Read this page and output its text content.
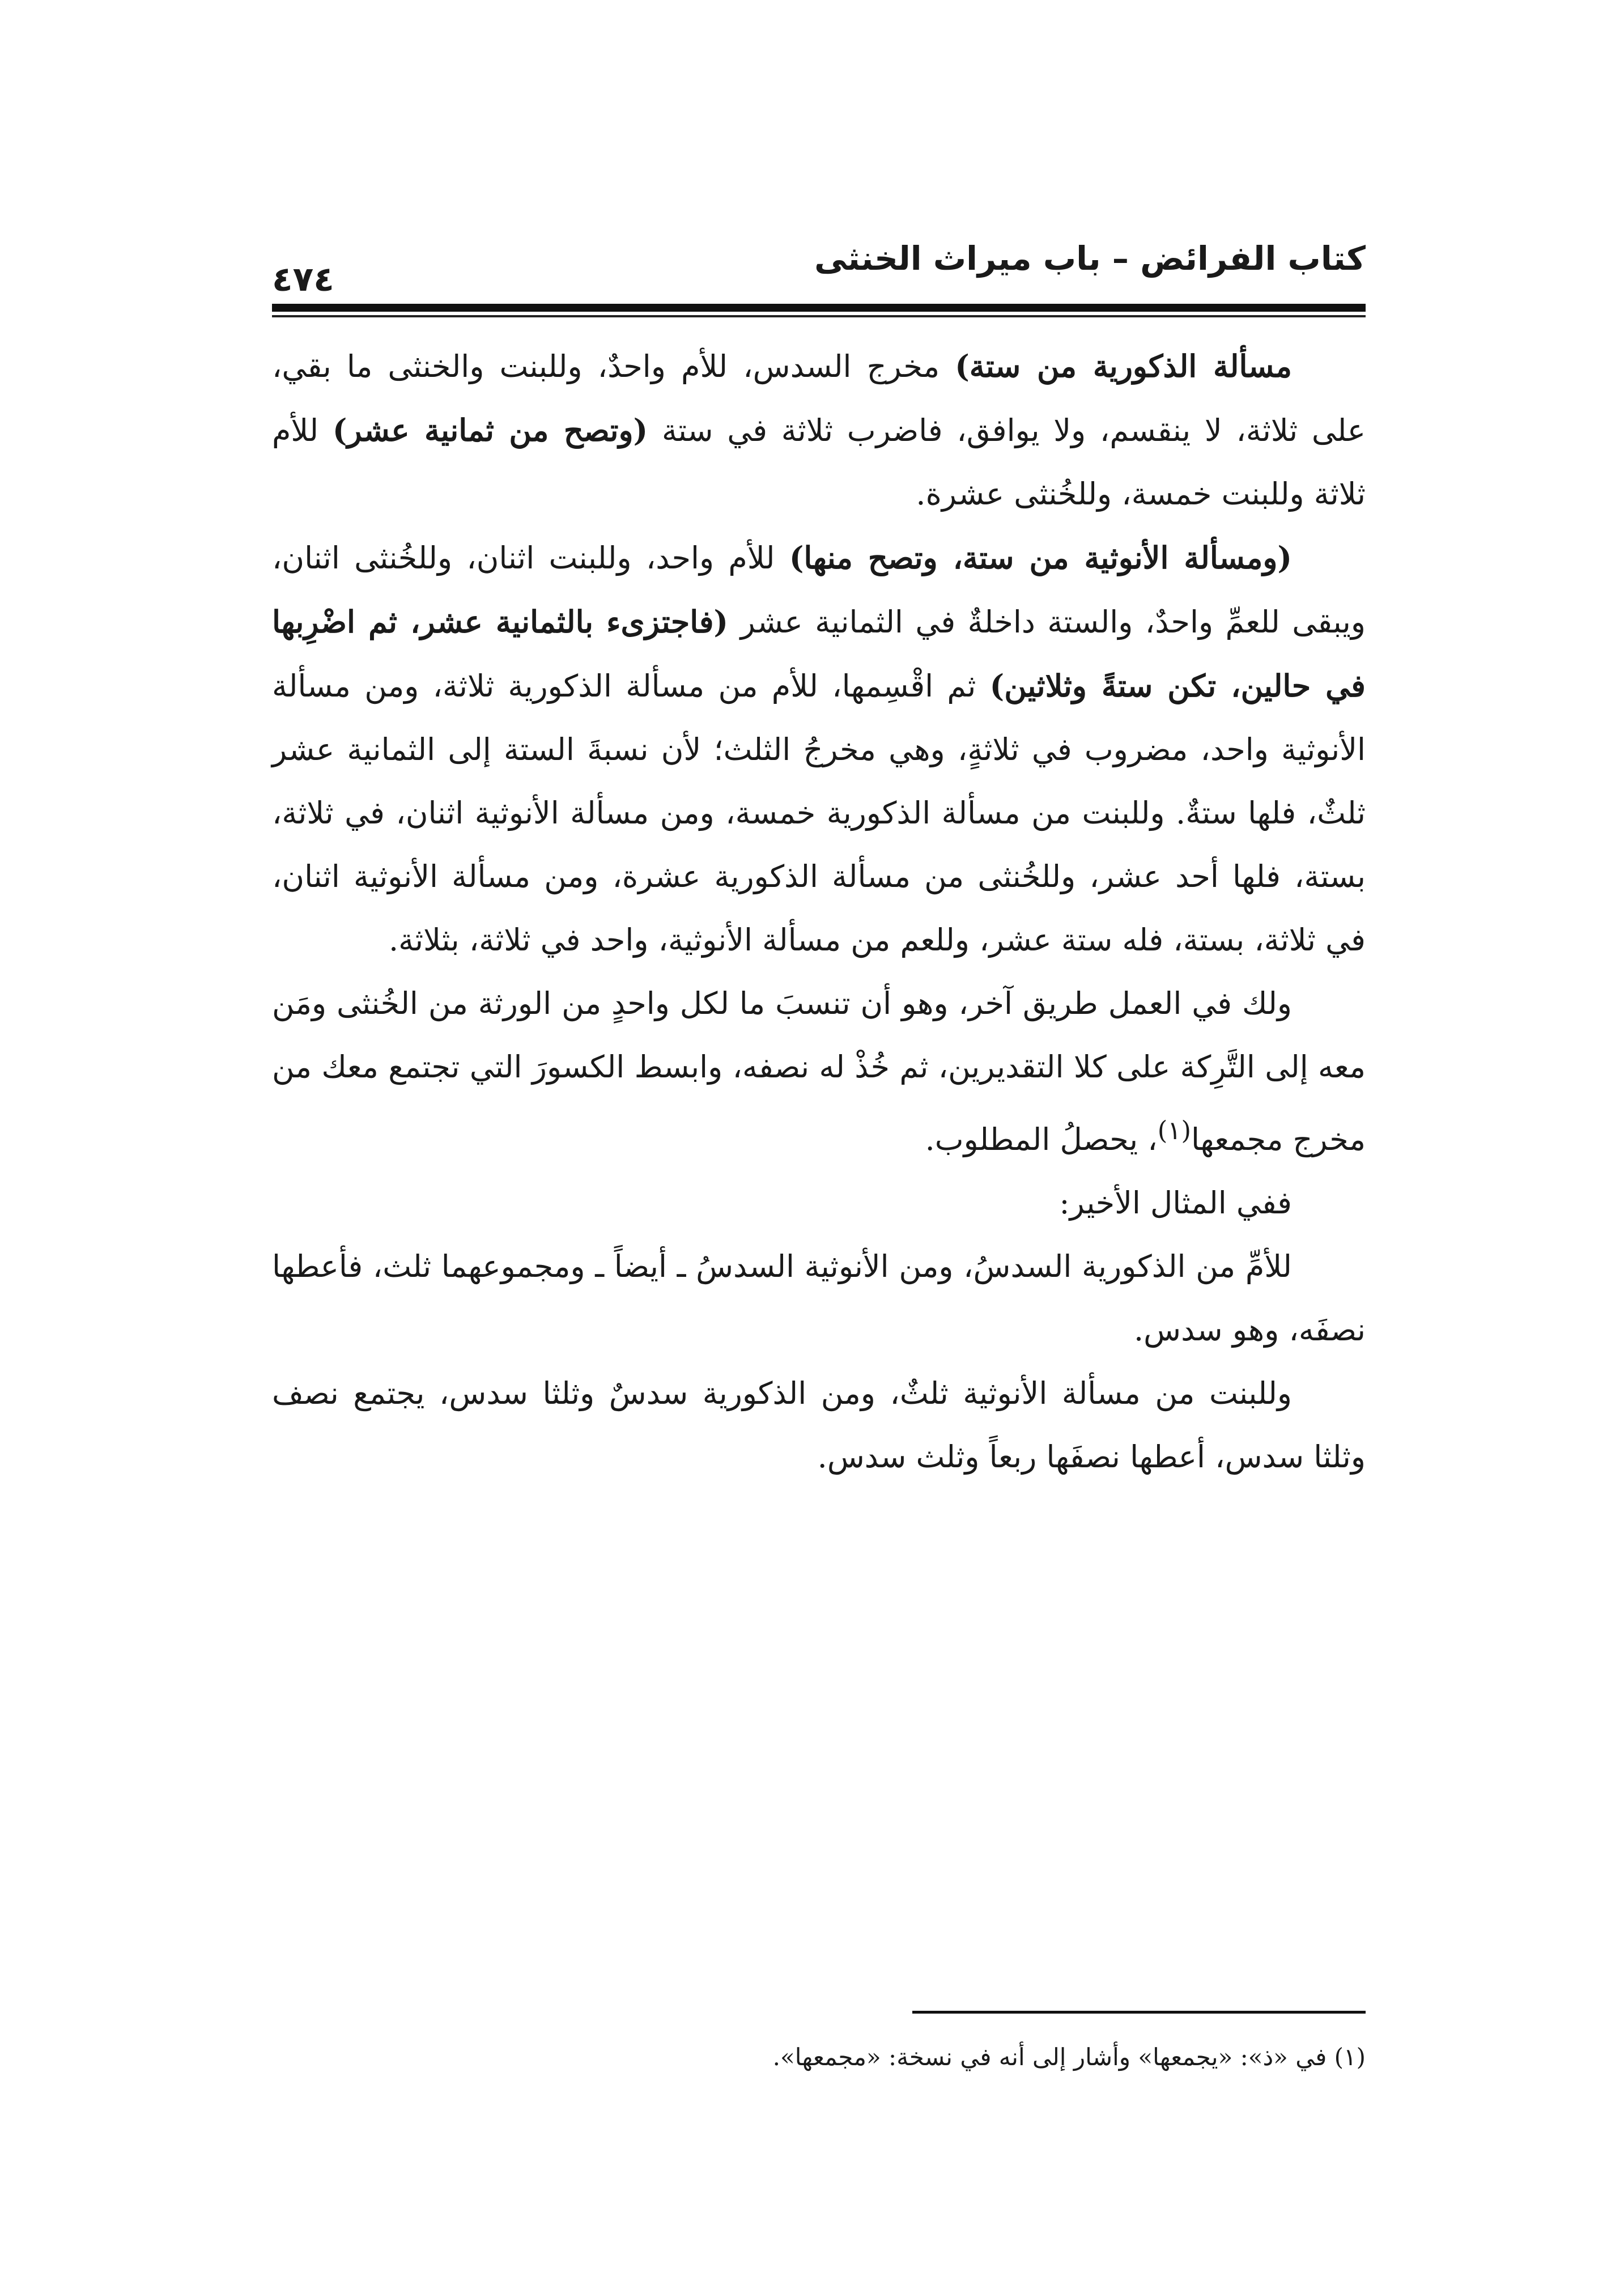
كتاب الفرائض – باب ميراث الخنثى
٤٧٤

مسألة الذكورية من ستة) مخرج السدس، للأم واحدٌ، وللبنت والخنثى ما بقي، على ثلاثة، لا ينقسم، ولا يوافق، فاضرب ثلاثة في ستة (وتصح من ثمانية عشر) للأم ثلاثة وللبنت خمسة، وللخُنثى عشرة.

(ومسألة الأنوثية من ستة، وتصح منها) للأم واحد، وللبنت اثنان، وللخُنثى اثنان، ويبقى للعمِّ واحدٌ، والستة داخلةٌ في الثمانية عشر (فاجتزىء بالثمانية عشر، ثم اضْرِبها في حالين، تكن ستةً وثلاثين) ثم اقْسِمها، للأم من مسألة الذكورية ثلاثة، ومن مسألة الأنوثية واحد، مضروب في ثلاثةٍ، وهي مخرجُ الثلث؛ لأن نسبةَ الستة إلى الثمانية عشر ثلثٌ، فلها ستةٌ. وللبنت من مسألة الذكورية خمسة، ومن مسألة الأنوثية اثنان، في ثلاثة، بستة، فلها أحد عشر، وللخُنثى من مسألة الذكورية عشرة، ومن مسألة الأنوثية اثنان، في ثلاثة، بستة، فله ستة عشر، وللعم من مسألة الأنوثية، واحد في ثلاثة، بثلاثة.

ولك في العمل طريق آخر، وهو أن تنسبَ ما لكل واحدٍ من الورثة من الخُنثى ومَن معه إلى التَّرِكة على كلا التقديرين، ثم خُذْ له نصفه، وابسط الكسورَ التي تجتمع معك من مخرج مجمعها$^{(١)}$، يحصلُ المطلوب.

ففي المثال الأخير:

للأمِّ من الذكورية السدسُ، ومن الأنوثية السدسُ ـ أيضاً ـ ومجموعهما ثلث، فأعطها نصفَه، وهو سدس.

وللبنت من مسألة الأنوثية ثلثٌ، ومن الذكورية سدسٌ وثلثا سدس، يجتمع نصف وثلثا سدس، أعطها نصفَها ربعاً وثلث سدس.

(١) في «ذ»: «يجمعها» وأشار إلى أنه في نسخة: «مجمعها».
